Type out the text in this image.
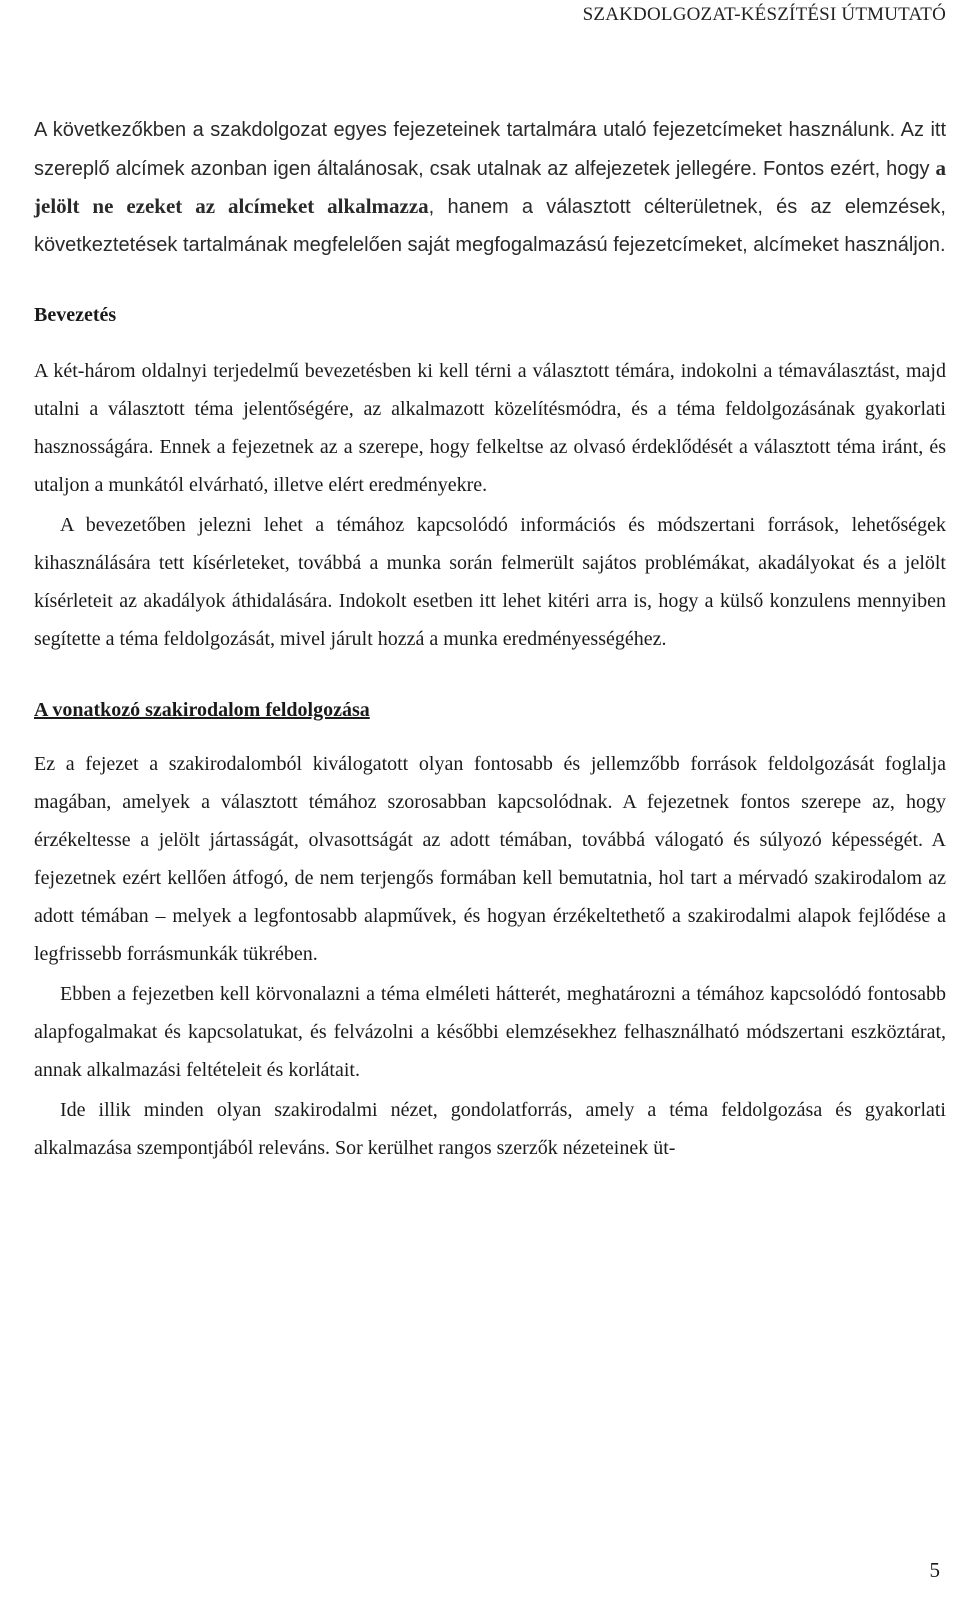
SZAKDOLGOZAT-KÉSZÍTÉSI ÚTMUTATÓ

A következőkben a szakdolgozat egyes fejezeteinek tartalmára utaló fejezetcímeket használunk. Az itt szereplő alcímek azonban igen általánosak, csak utalnak az alfejezetek jellegére. Fontos ezért, hogy a jelölt ne ezeket az alcímeket alkalmazza, hanem a választott célterületnek, és az elemzések, következtetések tartalmának megfelelően saját megfogalmazású fejezetcímeket, alcímeket használjon.

Bevezetés

A két-három oldalnyi terjedelmű bevezetésben ki kell térni a választott témára, indokolni a témaválasztást, majd utalni a választott téma jelentőségére, az alkalmazott közelítésmódra, és a téma feldolgozásának gyakorlati hasznosságára. Ennek a fejezetnek az a szerepe, hogy felkeltse az olvasó érdeklődését a választott téma iránt, és utaljon a munkától elvárható, illetve elért eredményekre.

A bevezetőben jelezni lehet a témához kapcsolódó információs és módszertani források, lehetőségek kihasználására tett kísérleteket, továbbá a munka során felmerült sajátos problémákat, akadályokat és a jelölt kísérleteit az akadályok áthidalására. Indokolt esetben itt lehet kitéri arra is, hogy a külső konzulens mennyiben segítette a téma feldolgozását, mivel járult hozzá a munka eredményességéhez.

A vonatkozó szakirodalom feldolgozása

Ez a fejezet a szakirodalomból kiválogatott olyan fontosabb és jellemzőbb források feldolgozását foglalja magában, amelyek a választott témához szorosabban kapcsolódnak. A fejezetnek fontos szerepe az, hogy érzékeltesse a jelölt jártasságát, olvasottságát az adott témában, továbbá válogató és súlyozó képességét. A fejezetnek ezért kellően átfogó, de nem terjengős formában kell bemutatnia, hol tart a mérvadó szakirodalom az adott témában – melyek a legfontosabb alapművek, és hogyan érzékeltethető a szakirodalmi alapok fejlődése a legfrissebb forrásmunkák tükrében.

Ebben a fejezetben kell körvonalazni a téma elméleti hátterét, meghatározni a témához kapcsolódó fontosabb alapfogalmakat és kapcsolatukat, és felvázolni a későbbi elemzésekhez felhasználható módszertani eszköztárat, annak alkalmazási feltételeit és korlátait.

Ide illik minden olyan szakirodalmi nézet, gondolatforrás, amely a téma feldolgozása és gyakorlati alkalmazása szempontjából releváns. Sor kerülhet rangos szerzők nézeteinek üt-

5
